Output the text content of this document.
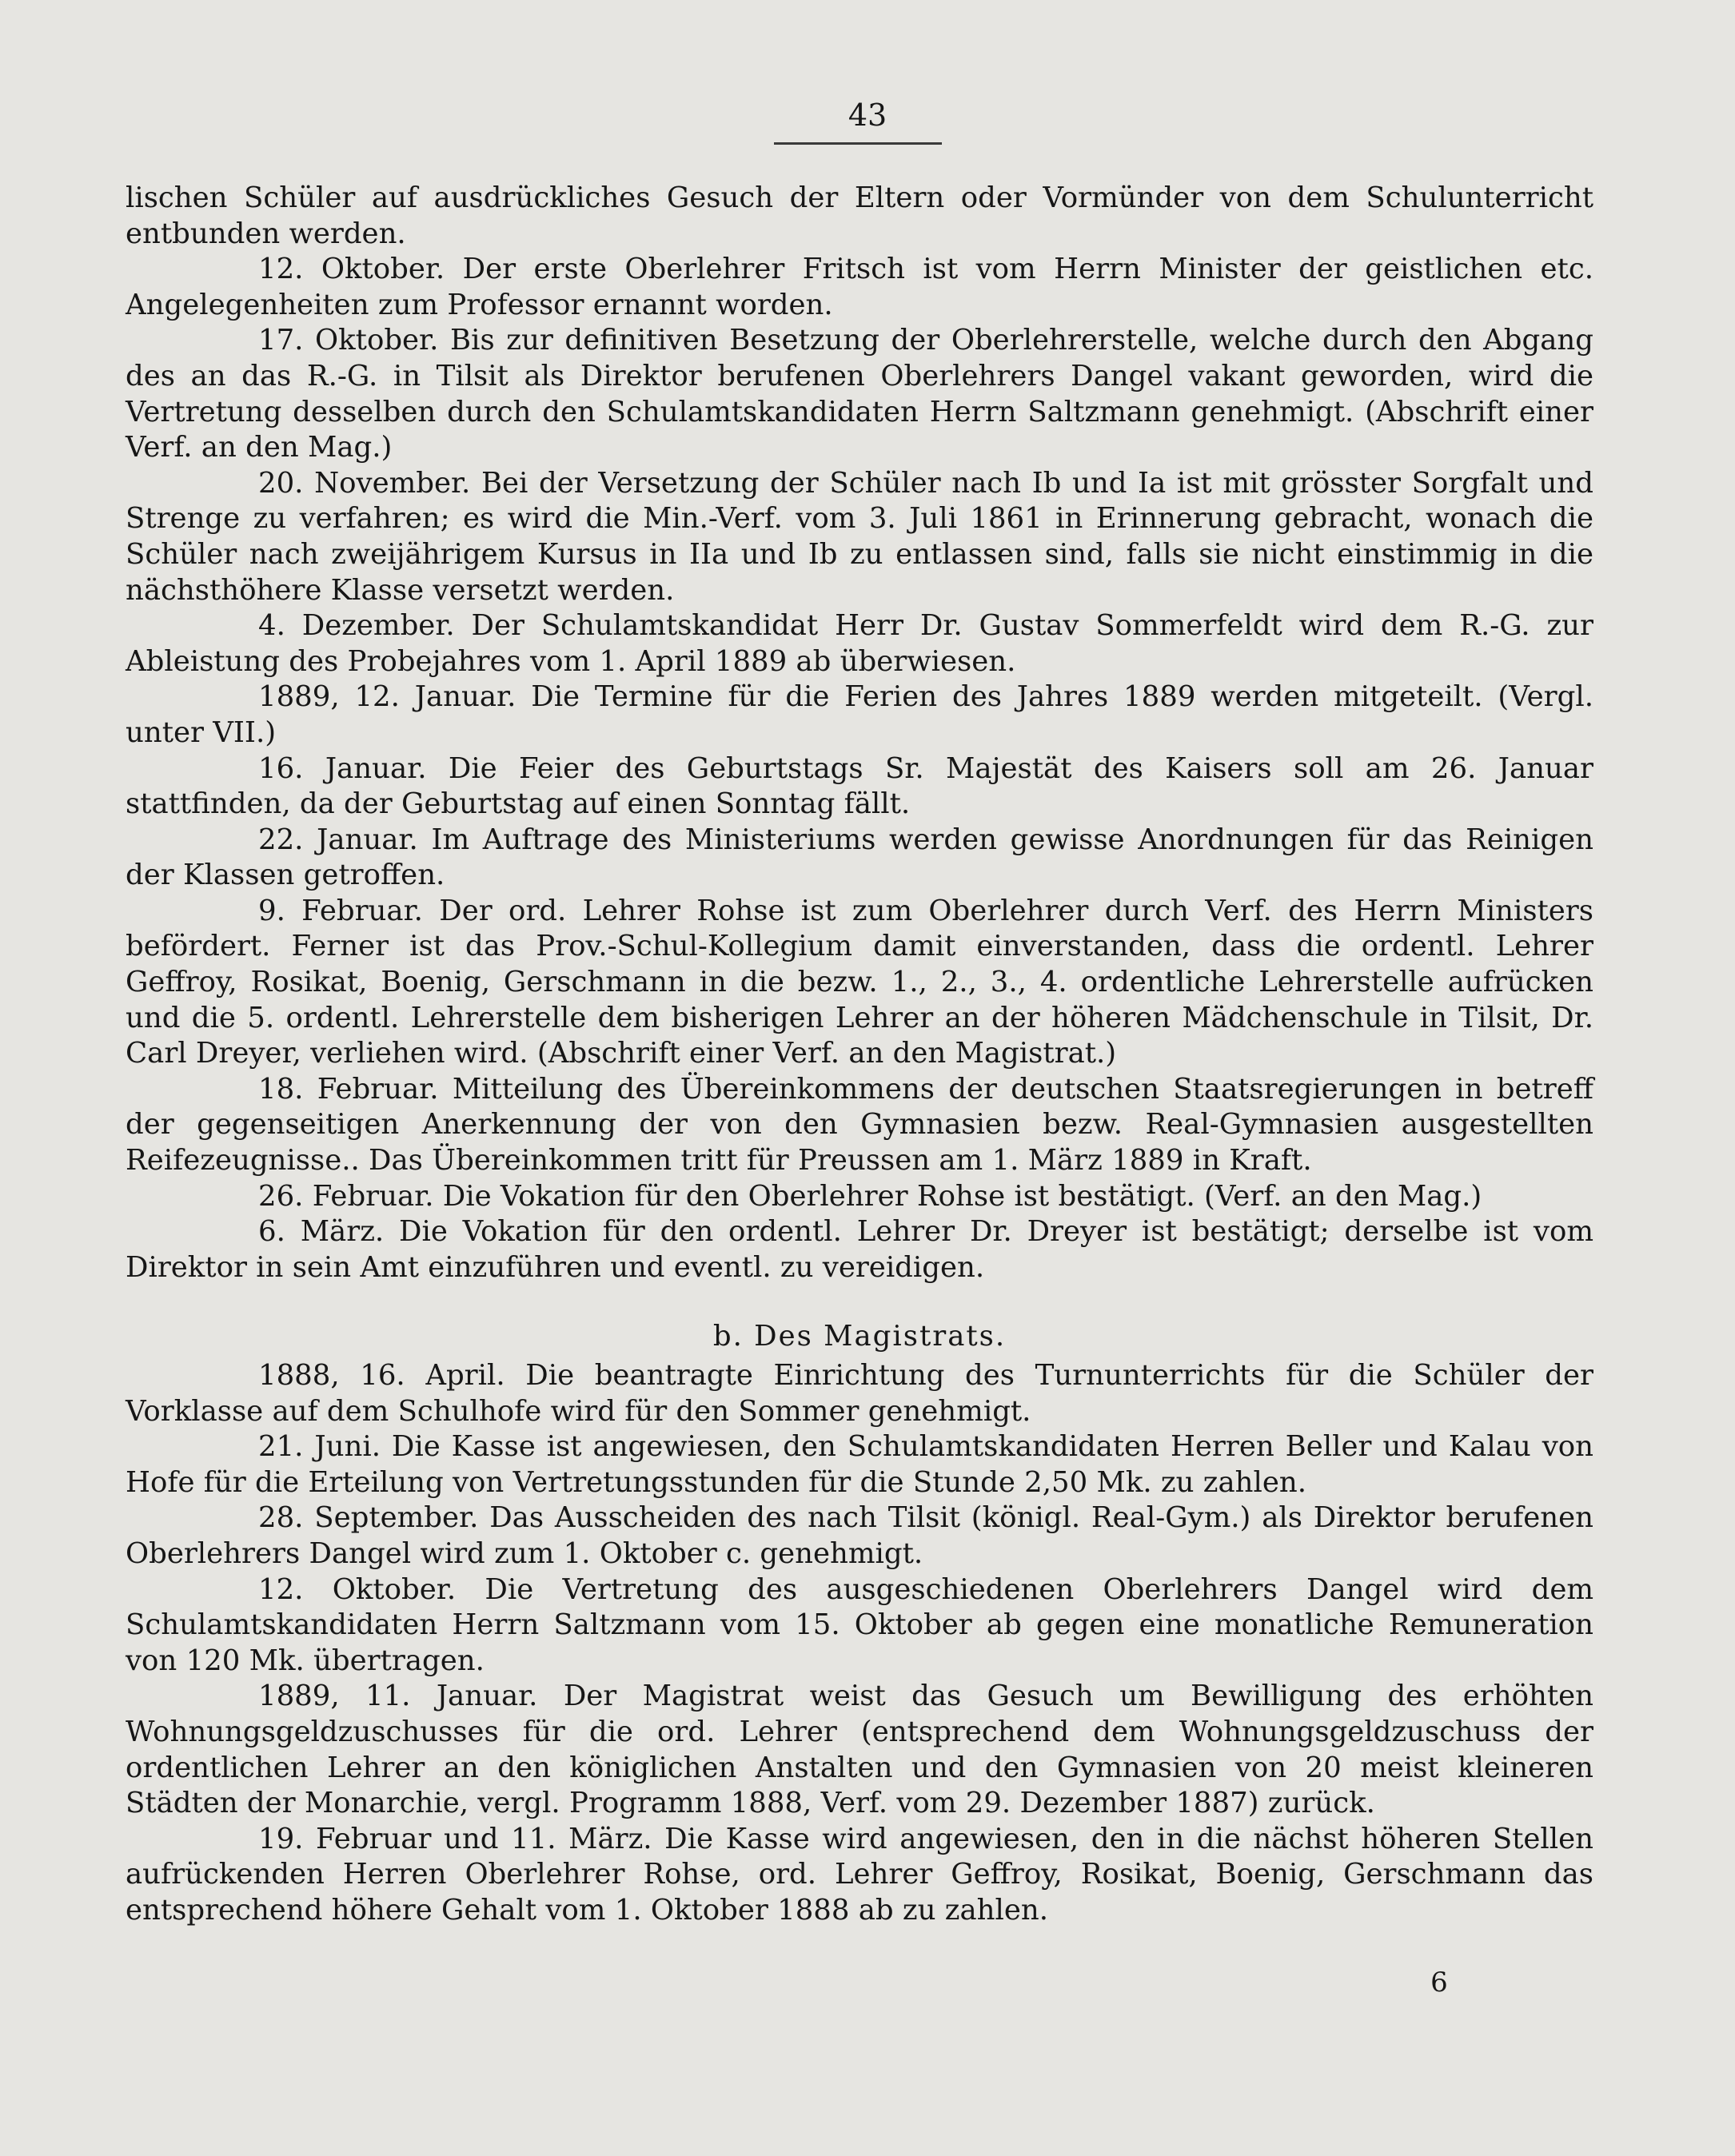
43

lischen Schüler auf ausdrückliches Gesuch der Eltern oder Vormünder von dem Schulunterricht entbunden werden.

12. Oktober. Der erste Oberlehrer Fritsch ist vom Herrn Minister der geistlichen etc. Angelegenheiten zum Professor ernannt worden.

17. Oktober. Bis zur definitiven Besetzung der Oberlehrerstelle, welche durch den Abgang des an das R.-G. in Tilsit als Direktor berufenen Oberlehrers Dangel vakant geworden, wird die Vertretung desselben durch den Schulamtskandidaten Herrn Saltzmann genehmigt. (Abschrift einer Verf. an den Mag.)

20. November. Bei der Versetzung der Schüler nach Ib und Ia ist mit grösster Sorgfalt und Strenge zu verfahren; es wird die Min.-Verf. vom 3. Juli 1861 in Erinnerung gebracht, wonach die Schüler nach zweijährigem Kursus in IIa und Ib zu entlassen sind, falls sie nicht einstimmig in die nächsthöhere Klasse versetzt werden.

4. Dezember. Der Schulamtskandidat Herr Dr. Gustav Sommerfeldt wird dem R.-G. zur Ableistung des Probejahres vom 1. April 1889 ab überwiesen.

1889, 12. Januar. Die Termine für die Ferien des Jahres 1889 werden mitgeteilt. (Vergl. unter VII.)

16. Januar. Die Feier des Geburtstags Sr. Majestät des Kaisers soll am 26. Januar stattfinden, da der Geburtstag auf einen Sonntag fällt.

22. Januar. Im Auftrage des Ministeriums werden gewisse Anordnungen für das Reinigen der Klassen getroffen.

9. Februar. Der ord. Lehrer Rohse ist zum Oberlehrer durch Verf. des Herrn Ministers befördert. Ferner ist das Prov.-Schul-Kollegium damit einverstanden, dass die ordentl. Lehrer Geffroy, Rosikat, Boenig, Gerschmann in die bezw. 1., 2., 3., 4. ordentliche Lehrerstelle aufrücken und die 5. ordentl. Lehrerstelle dem bisherigen Lehrer an der höheren Mädchenschule in Tilsit, Dr. Carl Dreyer, verliehen wird. (Abschrift einer Verf. an den Magistrat.)

18. Februar. Mitteilung des Übereinkommens der deutschen Staatsregierungen in betreff der gegenseitigen Anerkennung der von den Gymnasien bezw. Real-Gymnasien ausgestellten Reifezeugnisse.. Das Übereinkommen tritt für Preussen am 1. März 1889 in Kraft.

26. Februar. Die Vokation für den Oberlehrer Rohse ist bestätigt. (Verf. an den Mag.)

6. März. Die Vokation für den ordentl. Lehrer Dr. Dreyer ist bestätigt; derselbe ist vom Direktor in sein Amt einzuführen und eventl. zu vereidigen.

b. Des Magistrats.

1888, 16. April. Die beantragte Einrichtung des Turnunterrichts für die Schüler der Vorklasse auf dem Schulhofe wird für den Sommer genehmigt.

21. Juni. Die Kasse ist angewiesen, den Schulamtskandidaten Herren Beller und Kalau von Hofe für die Erteilung von Vertretungsstunden für die Stunde 2,50 Mk. zu zahlen.

28. September. Das Ausscheiden des nach Tilsit (königl. Real-Gym.) als Direktor berufenen Oberlehrers Dangel wird zum 1. Oktober c. genehmigt.

12. Oktober. Die Vertretung des ausgeschiedenen Oberlehrers Dangel wird dem Schulamtskandidaten Herrn Saltzmann vom 15. Oktober ab gegen eine monatliche Remuneration von 120 Mk. übertragen.

1889, 11. Januar. Der Magistrat weist das Gesuch um Bewilligung des erhöhten Wohnungsgeldzuschusses für die ord. Lehrer (entsprechend dem Wohnungsgeldzuschuss der ordentlichen Lehrer an den königlichen Anstalten und den Gymnasien von 20 meist kleineren Städten der Monarchie, vergl. Programm 1888, Verf. vom 29. Dezember 1887) zurück.

19. Februar und 11. März. Die Kasse wird angewiesen, den in die nächst höheren Stellen aufrückenden Herren Oberlehrer Rohse, ord. Lehrer Geffroy, Rosikat, Boenig, Gerschmann das entsprechend höhere Gehalt vom 1. Oktober 1888 ab zu zahlen.

6
